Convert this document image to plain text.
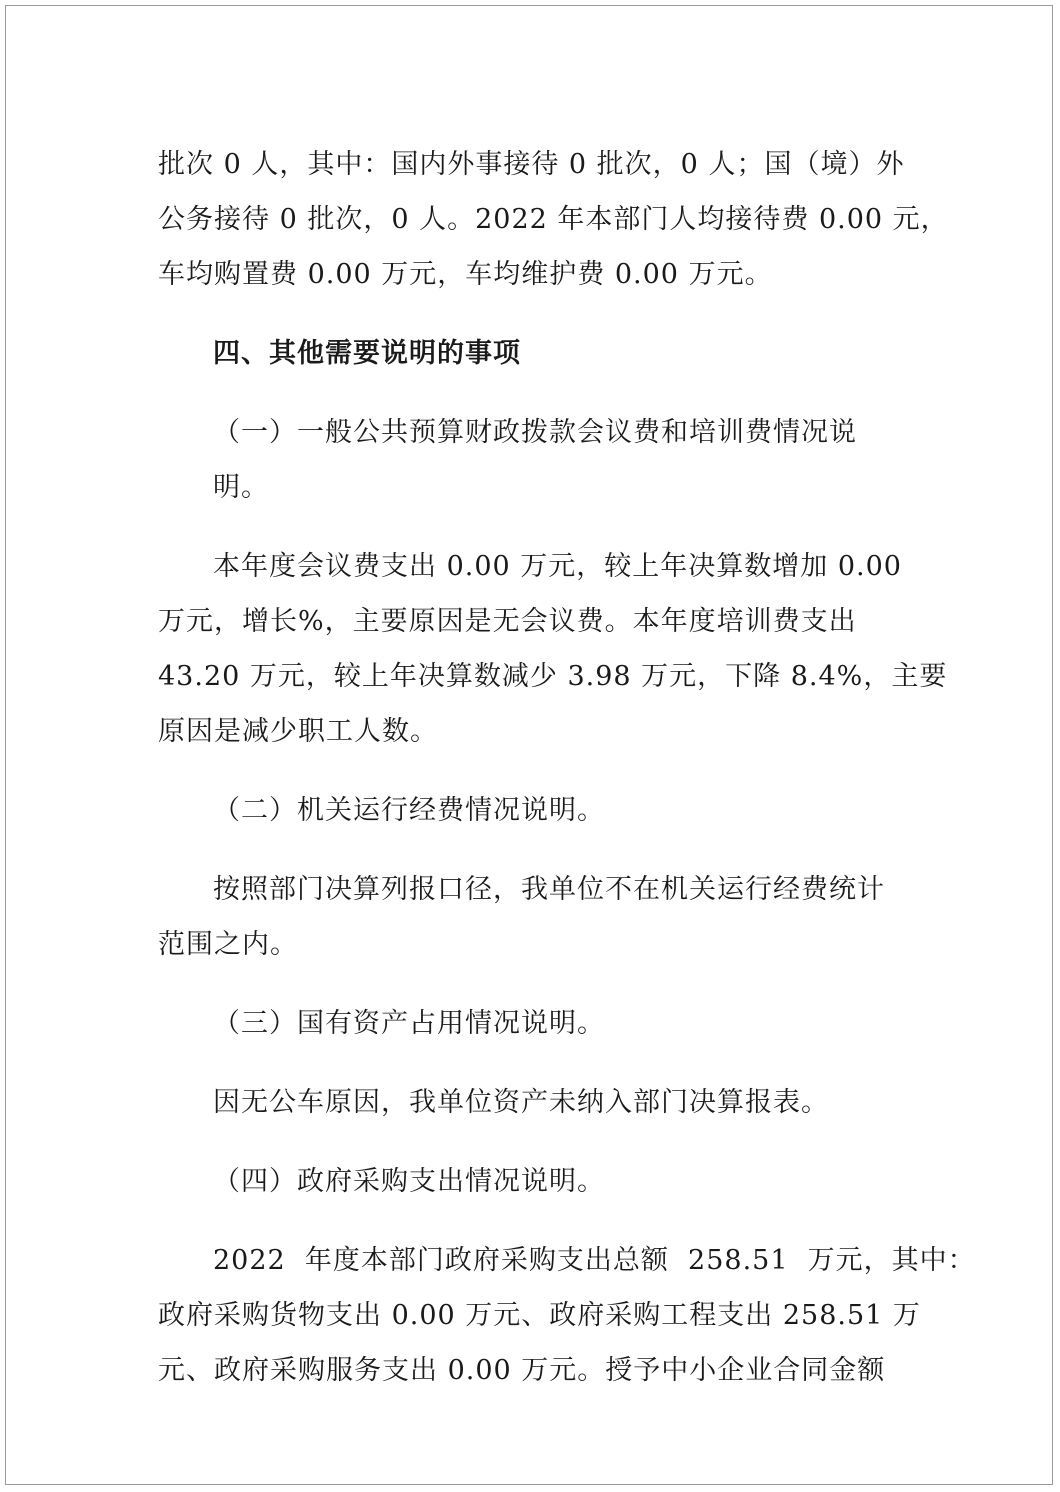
批次 0 人，其中：国内外事接待 0 批次，0 人；国（境）外
公务接待 0 批次，0 人。2022 年本部门人均接待费 0.00 元，
车均购置费 0.00 万元，车均维护费 0.00 万元。
四、其他需要说明的事项
（一）一般公共预算财政拨款会议费和培训费情况说明。
本年度会议费支出 0.00 万元，较上年决算数增加 0.00
万元，增长%，主要原因是无会议费。本年度培训费支出
43.20 万元，较上年决算数减少 3.98 万元，下降 8.4%，主要
原因是减少职工人数。
（二）机关运行经费情况说明。
按照部门决算列报口径，我单位不在机关运行经费统计
范围之内。
（三）国有资产占用情况说明。
因无公车原因，我单位资产未纳入部门决算报表。
（四）政府采购支出情况说明。
2022  年度本部门政府采购支出总额  258.51  万元，其中：
政府采购货物支出 0.00 万元、政府采购工程支出 258.51 万
元、政府采购服务支出 0.00 万元。授予中小企业合同金额
